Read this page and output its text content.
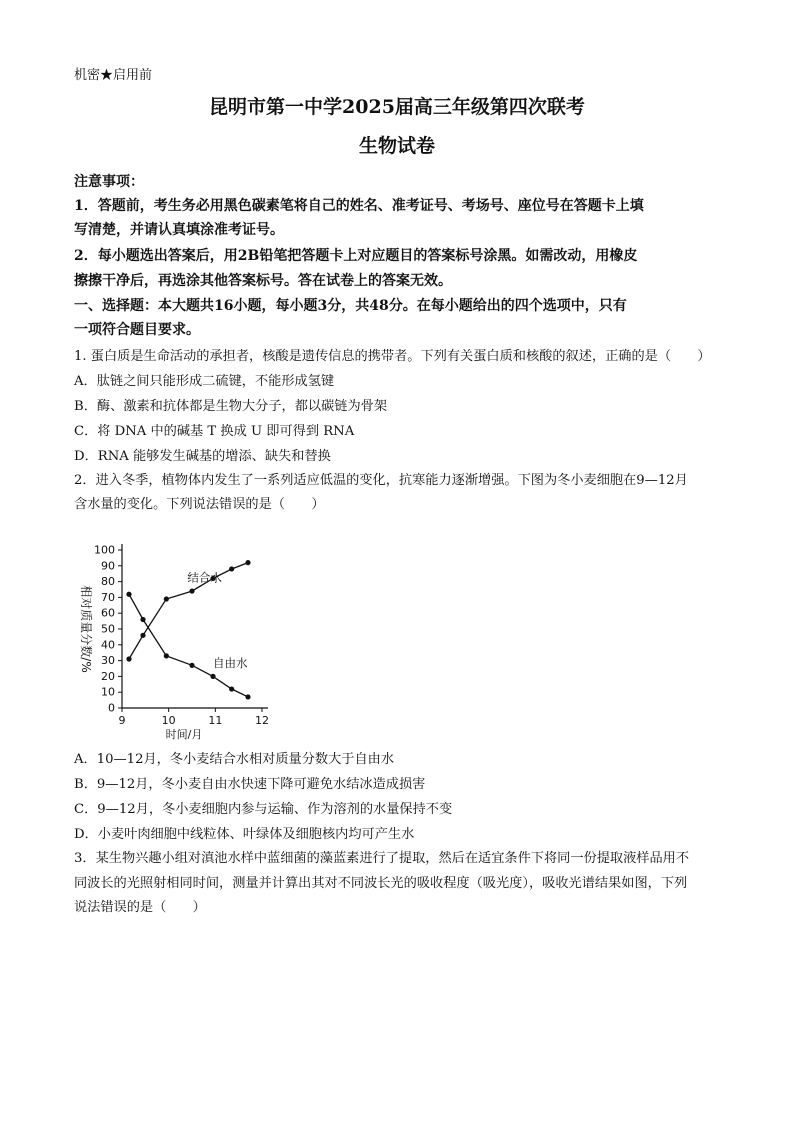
机密★启用前
昆明市第一中学2025届高三年级第四次联考
生物试卷
注意事项：
1．答题前，考生务必用黑色碳素笔将自己的姓名、准考证号、考场号、座位号在答题卡上填
写清楚，并请认真填涂准考证号。
2．每小题选出答案后，用2B铅笔把答题卡上对应题目的答案标号涂黑。如需改动，用橡皮
擦擦干净后，再选涂其他答案标号。答在试卷上的答案无效。
一、选择题：本大题共16小题，每小题3分，共48分。在每小题给出的四个选项中，只有
一项符合题目要求。
1. 蛋白质是生命活动的承担者，核酸是遗传信息的携带者。下列有关蛋白质和核酸的叙述，正确的是（　　）
A．肽链之间只能形成二硫键，不能形成氢键
B．酶、激素和抗体都是生物大分子，都以碳链为骨架
C．将 DNA 中的碱基 T 换成 U 即可得到 RNA
D．RNA 能够发生碱基的增添、缺失和替换
2．进入冬季，植物体内发生了一系列适应低温的变化，抗寒能力逐渐增强。下图为冬小麦细胞在9—12月
含水量的变化。下列说法错误的是（　　）
0
10
20
30
40
50
60
70
80
90
100
9	10	11	12
结合水
自由水
相对质量分数/%
时间/月
A．10—12月，冬小麦结合水相对质量分数大于自由水
B．9—12月，冬小麦自由水快速下降可避免水结冰造成损害
C．9—12月，冬小麦细胞内参与运输、作为溶剂的水量保持不变
D．小麦叶肉细胞中线粒体、叶绿体及细胞核内均可产生水
3．某生物兴趣小组对滇池水样中蓝细菌的藻蓝素进行了提取，然后在适宜条件下将同一份提取液样品用不
同波长的光照射相同时间，测量并计算出其对不同波长光的吸收程度（吸光度），吸收光谱结果如图，下列
说法错误的是（　　）
